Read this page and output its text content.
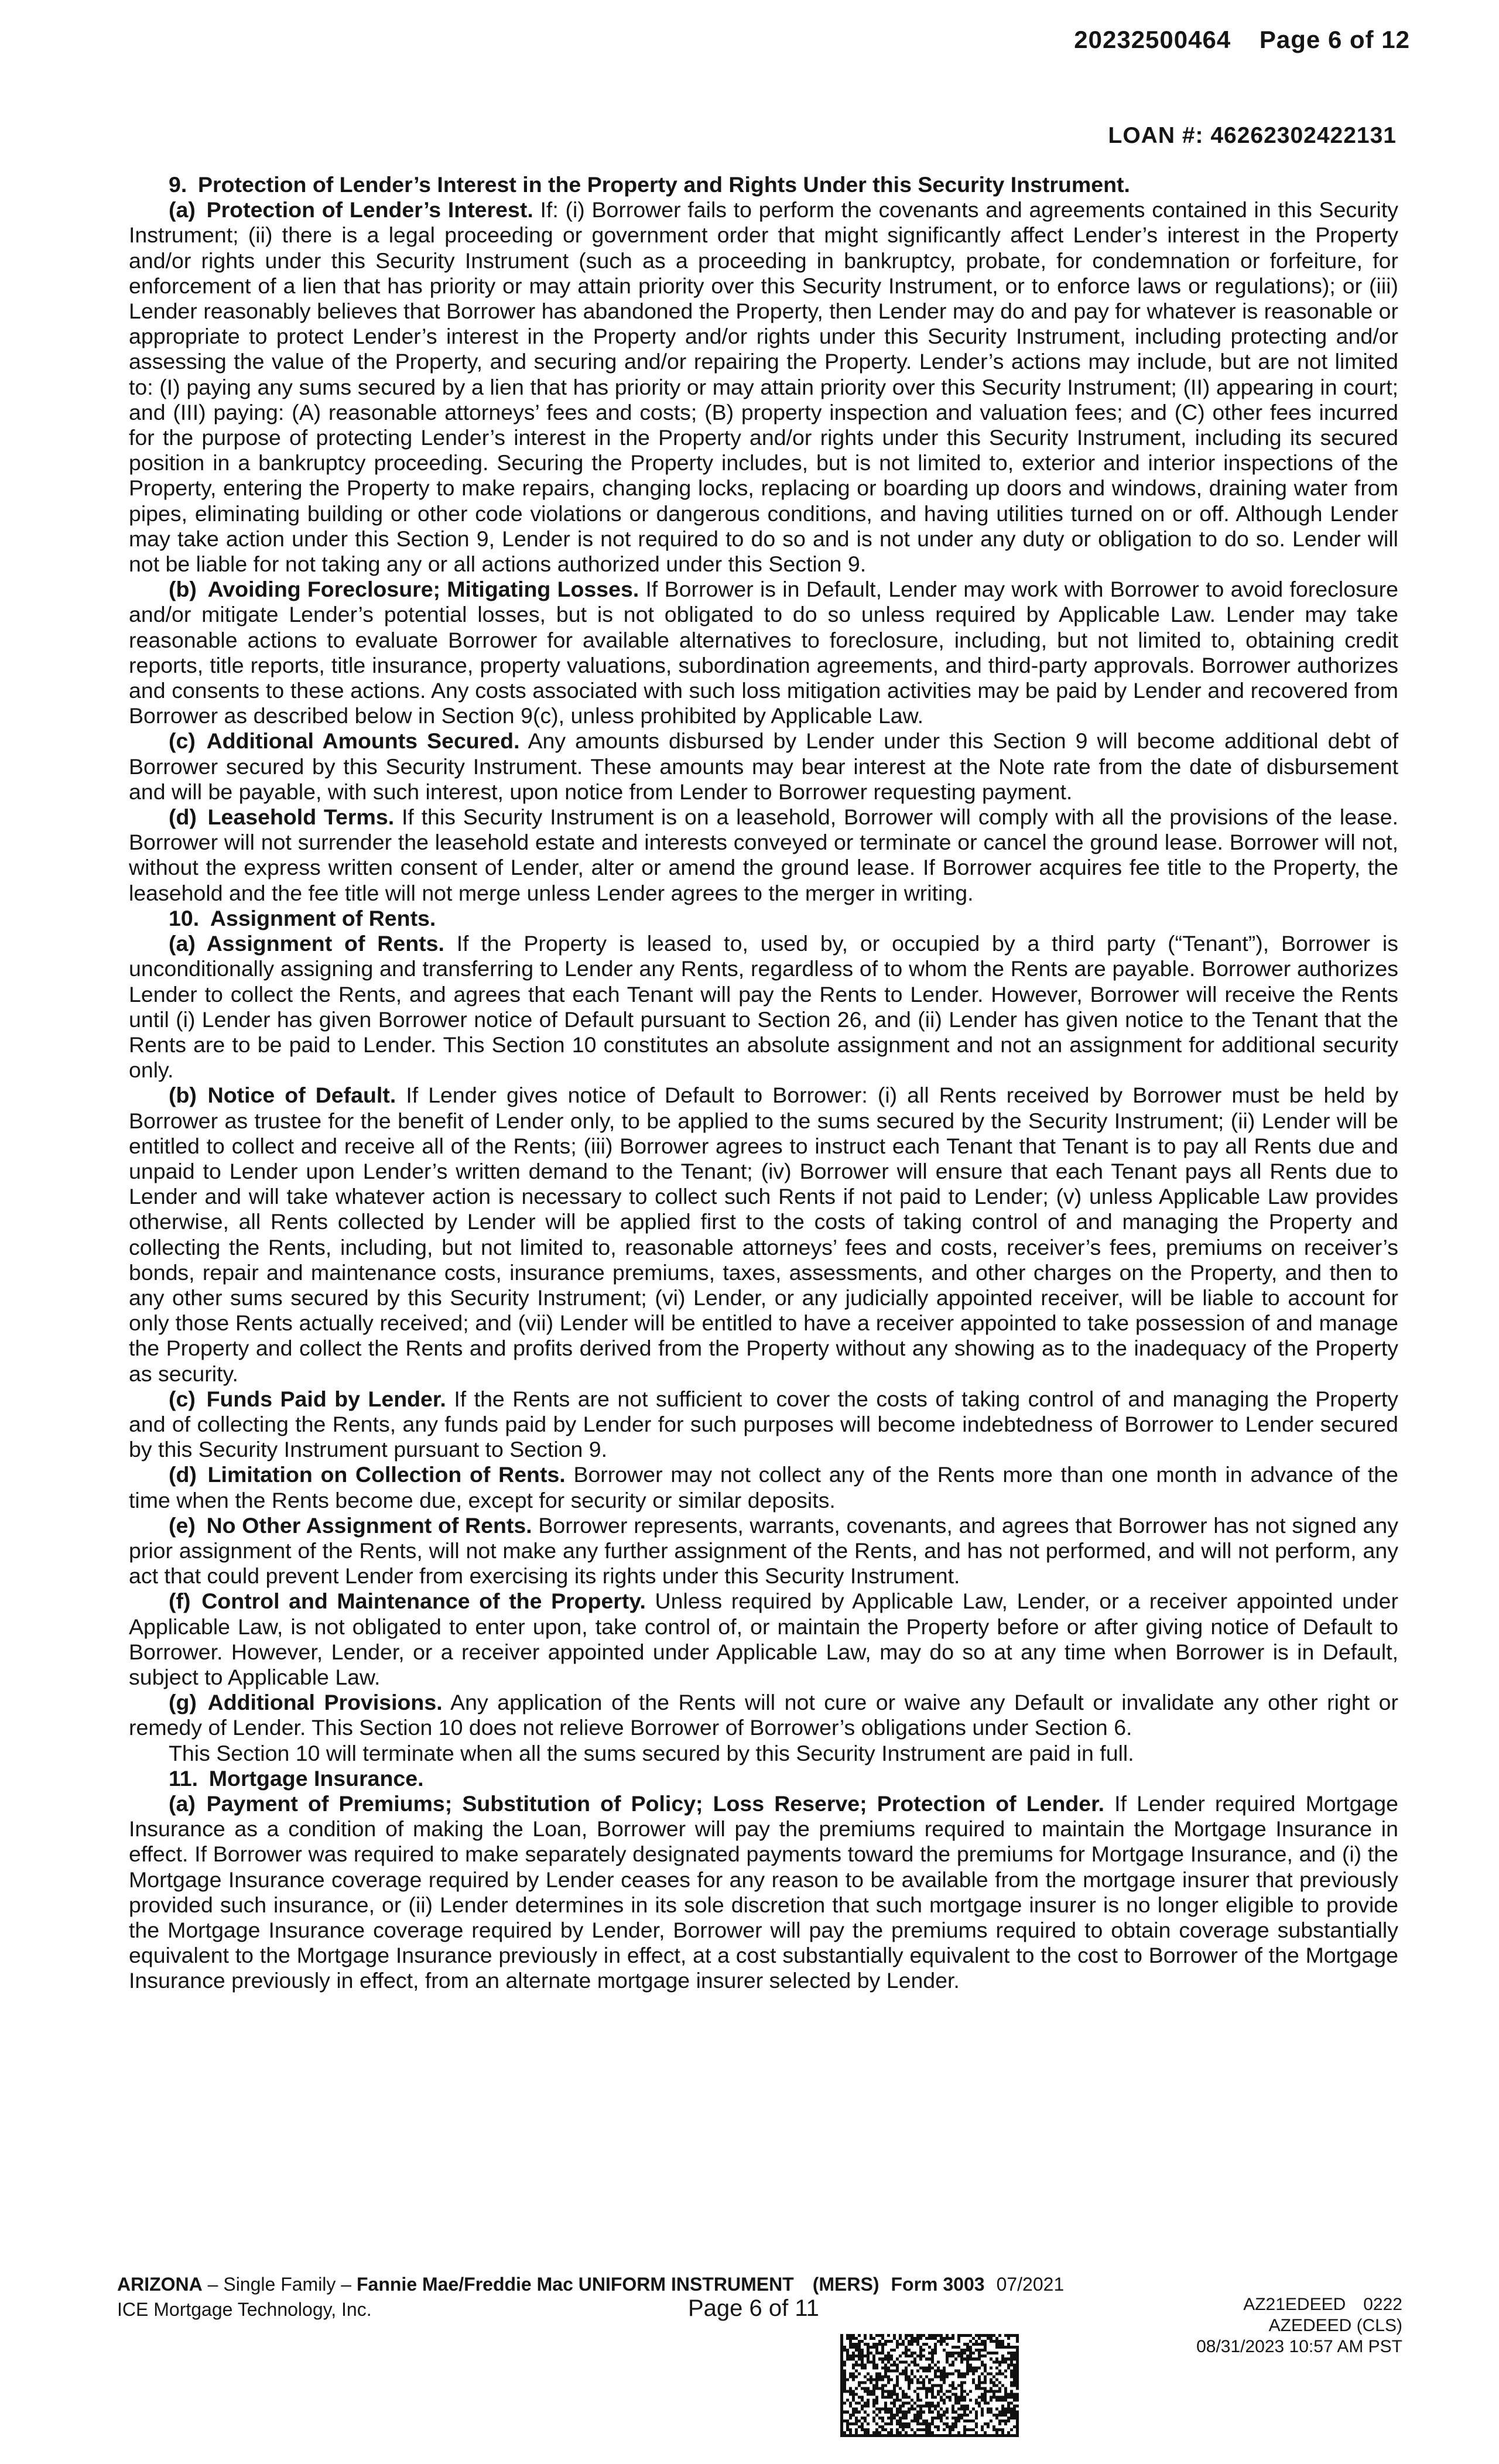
20232500464 Page 6 of 12
LOAN #: 46262302422131

9. Protection of Lender’s Interest in the Property and Rights Under this Security Instrument.

(a) Protection of Lender’s Interest. If: (i) Borrower fails to perform the covenants and agreements contained in this Security Instrument; (ii) there is a legal proceeding or government order that might significantly affect Lender’s interest in the Property and/or rights under this Security Instrument (such as a proceeding in bankruptcy, probate, for condemnation or forfeiture, for enforcement of a lien that has priority or may attain priority over this Security Instrument, or to enforce laws or regulations); or (iii) Lender reasonably believes that Borrower has abandoned the Property, then Lender may do and pay for whatever is reasonable or appropriate to protect Lender’s interest in the Property and/or rights under this Security Instrument, including protecting and/or assessing the value of the Property, and securing and/or repairing the Property. Lender’s actions may include, but are not limited to: (I) paying any sums secured by a lien that has priority or may attain priority over this Security Instrument; (II) appearing in court; and (III) paying: (A) reasonable attorneys’ fees and costs; (B) property inspection and valuation fees; and (C) other fees incurred for the purpose of protecting Lender’s interest in the Property and/or rights under this Security Instrument, including its secured position in a bankruptcy proceeding. Securing the Property includes, but is not limited to, exterior and interior inspections of the Property, entering the Property to make repairs, changing locks, replacing or boarding up doors and windows, draining water from pipes, eliminating building or other code violations or dangerous conditions, and having utilities turned on or off. Although Lender may take action under this Section 9, Lender is not required to do so and is not under any duty or obligation to do so. Lender will not be liable for not taking any or all actions authorized under this Section 9.

(b) Avoiding Foreclosure; Mitigating Losses. If Borrower is in Default, Lender may work with Borrower to avoid foreclosure and/or mitigate Lender’s potential losses, but is not obligated to do so unless required by Applicable Law. Lender may take reasonable actions to evaluate Borrower for available alternatives to foreclosure, including, but not limited to, obtaining credit reports, title reports, title insurance, property valuations, subordination agreements, and third-party approvals. Borrower authorizes and consents to these actions. Any costs associated with such loss mitigation activities may be paid by Lender and recovered from Borrower as described below in Section 9(c), unless prohibited by Applicable Law.

(c) Additional Amounts Secured. Any amounts disbursed by Lender under this Section 9 will become additional debt of Borrower secured by this Security Instrument. These amounts may bear interest at the Note rate from the date of disbursement and will be payable, with such interest, upon notice from Lender to Borrower requesting payment.

(d) Leasehold Terms. If this Security Instrument is on a leasehold, Borrower will comply with all the provisions of the lease. Borrower will not surrender the leasehold estate and interests conveyed or terminate or cancel the ground lease. Borrower will not, without the express written consent of Lender, alter or amend the ground lease. If Borrower acquires fee title to the Property, the leasehold and the fee title will not merge unless Lender agrees to the merger in writing.

10. Assignment of Rents.

(a) Assignment of Rents. If the Property is leased to, used by, or occupied by a third party (“Tenant”), Borrower is unconditionally assigning and transferring to Lender any Rents, regardless of to whom the Rents are payable. Borrower authorizes Lender to collect the Rents, and agrees that each Tenant will pay the Rents to Lender. However, Borrower will receive the Rents until (i) Lender has given Borrower notice of Default pursuant to Section 26, and (ii) Lender has given notice to the Tenant that the Rents are to be paid to Lender. This Section 10 constitutes an absolute assignment and not an assignment for additional security only.

(b) Notice of Default. If Lender gives notice of Default to Borrower: (i) all Rents received by Borrower must be held by Borrower as trustee for the benefit of Lender only, to be applied to the sums secured by the Security Instrument; (ii) Lender will be entitled to collect and receive all of the Rents; (iii) Borrower agrees to instruct each Tenant that Tenant is to pay all Rents due and unpaid to Lender upon Lender’s written demand to the Tenant; (iv) Borrower will ensure that each Tenant pays all Rents due to Lender and will take whatever action is necessary to collect such Rents if not paid to Lender; (v) unless Applicable Law provides otherwise, all Rents collected by Lender will be applied first to the costs of taking control of and managing the Property and collecting the Rents, including, but not limited to, reasonable attorneys’ fees and costs, receiver’s fees, premiums on receiver’s bonds, repair and maintenance costs, insurance premiums, taxes, assessments, and other charges on the Property, and then to any other sums secured by this Security Instrument; (vi) Lender, or any judicially appointed receiver, will be liable to account for only those Rents actually received; and (vii) Lender will be entitled to have a receiver appointed to take possession of and manage the Property and collect the Rents and profits derived from the Property without any showing as to the inadequacy of the Property as security.

(c) Funds Paid by Lender. If the Rents are not sufficient to cover the costs of taking control of and managing the Property and of collecting the Rents, any funds paid by Lender for such purposes will become indebtedness of Borrower to Lender secured by this Security Instrument pursuant to Section 9.

(d) Limitation on Collection of Rents. Borrower may not collect any of the Rents more than one month in advance of the time when the Rents become due, except for security or similar deposits.

(e) No Other Assignment of Rents. Borrower represents, warrants, covenants, and agrees that Borrower has not signed any prior assignment of the Rents, will not make any further assignment of the Rents, and has not performed, and will not perform, any act that could prevent Lender from exercising its rights under this Security Instrument.

(f) Control and Maintenance of the Property. Unless required by Applicable Law, Lender, or a receiver appointed under Applicable Law, is not obligated to enter upon, take control of, or maintain the Property before or after giving notice of Default to Borrower. However, Lender, or a receiver appointed under Applicable Law, may do so at any time when Borrower is in Default, subject to Applicable Law.

(g) Additional Provisions. Any application of the Rents will not cure or waive any Default or invalidate any other right or remedy of Lender. This Section 10 does not relieve Borrower of Borrower’s obligations under Section 6.

This Section 10 will terminate when all the sums secured by this Security Instrument are paid in full.

11. Mortgage Insurance.

(a) Payment of Premiums; Substitution of Policy; Loss Reserve; Protection of Lender. If Lender required Mortgage Insurance as a condition of making the Loan, Borrower will pay the premiums required to maintain the Mortgage Insurance in effect. If Borrower was required to make separately designated payments toward the premiums for Mortgage Insurance, and (i) the Mortgage Insurance coverage required by Lender ceases for any reason to be available from the mortgage insurer that previously provided such insurance, or (ii) Lender determines in its sole discretion that such mortgage insurer is no longer eligible to provide the Mortgage Insurance coverage required by Lender, Borrower will pay the premiums required to obtain coverage substantially equivalent to the Mortgage Insurance previously in effect, at a cost substantially equivalent to the cost to Borrower of the Mortgage Insurance previously in effect, from an alternate mortgage insurer selected by Lender.

ARIZONA – Single Family – Fannie Mae/Freddie Mac UNIFORM INSTRUMENT  (MERS) Form 3003 07/2021
ICE Mortgage Technology, Inc.	Page 6 of 11	AZ21EDEED  0222
AZEDEED (CLS)
08/31/2023 10:57 AM PST
